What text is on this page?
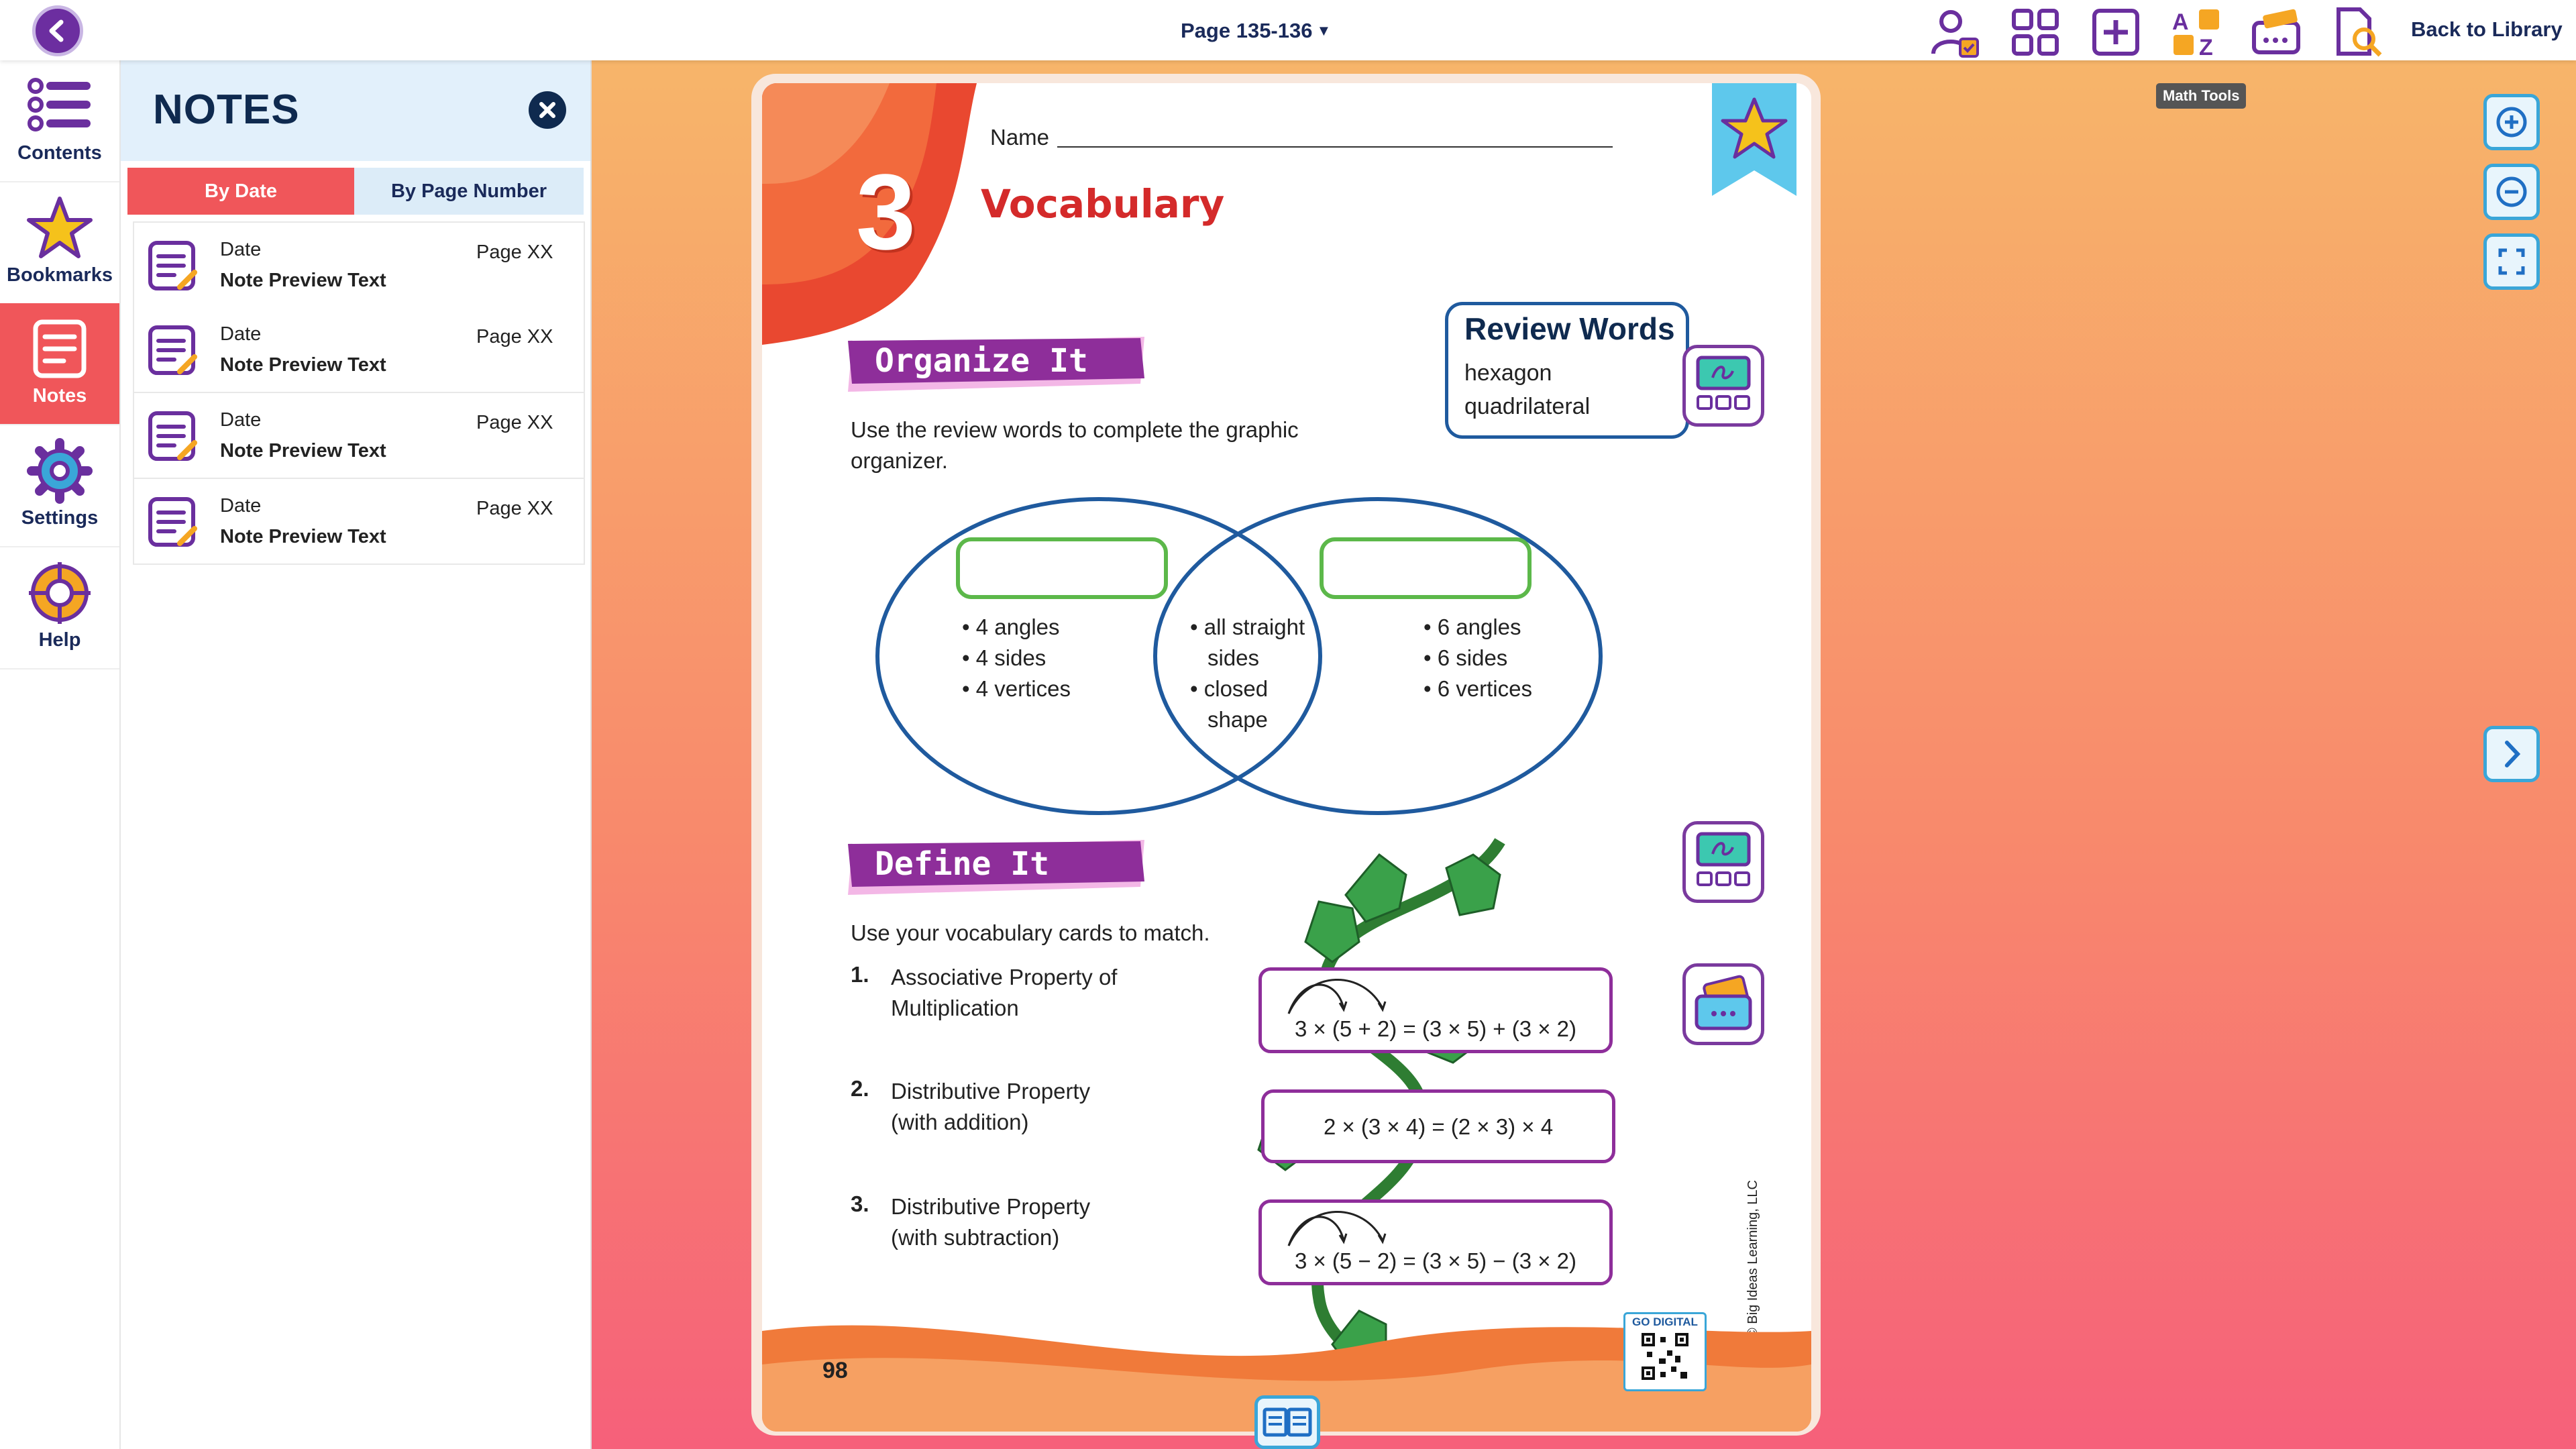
Page 135-136 ▼	A
Z
Back to Library
Contents
Bookmarks
Notes
Settings
Help
NOTES
By Date	By Page Number
Date
Note Preview Text
Page XX
Date
Note Preview Text
Page XX
Date
Note Preview Text
Page XX
Date
Note Preview Text
Page XX
Math Tools
3
Name
Vocabulary
Review Words
hexagon
quadrilateral
Organize It
Use the review words to complete the graphic organizer.
• 4 angles
• 4 sides
• 4 vertices
• all straight
sides
• closed
shape
• 6 angles
• 6 sides
• 6 vertices
Define It
Use your vocabulary cards to match.
1. Associative Property of
Multiplication
2. Distributive Property
(with addition)
3. Distributive Property
(with subtraction)
3 × (5 + 2) = (3 × 5) + (3 × 2)
2 × (3 × 4) = (2 × 3) × 4
3 × (5 − 2) = (3 × 5) − (3 × 2)	© Big Ideas Learning, LLC
98
GO DIGITAL
